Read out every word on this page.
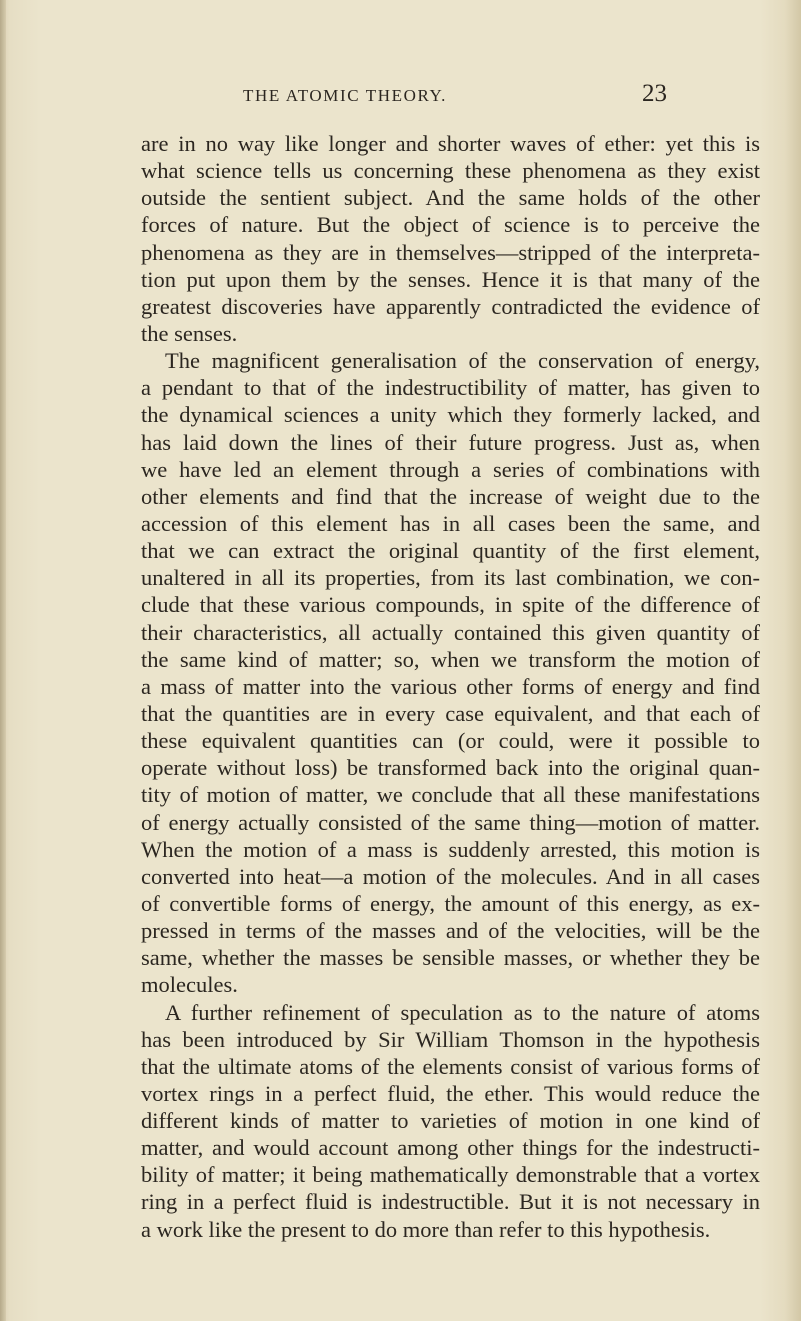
THE ATOMIC THEORY.	23
are in no way like longer and shorter waves of ether: yet this is
what science tells us concerning these phenomena as they exist
outside the sentient subject. And the same holds of the other
forces of nature. But the object of science is to perceive the
phenomena as they are in themselves—stripped of the interpreta-
tion put upon them by the senses. Hence it is that many of the
greatest discoveries have apparently contradicted the evidence of
the senses.
The magnificent generalisation of the conservation of energy,
a pendant to that of the indestructibility of matter, has given to
the dynamical sciences a unity which they formerly lacked, and
has laid down the lines of their future progress. Just as, when
we have led an element through a series of combinations with
other elements and find that the increase of weight due to the
accession of this element has in all cases been the same, and
that we can extract the original quantity of the first element,
unaltered in all its properties, from its last combination, we con-
clude that these various compounds, in spite of the difference of
their characteristics, all actually contained this given quantity of
the same kind of matter; so, when we transform the motion of
a mass of matter into the various other forms of energy and find
that the quantities are in every case equivalent, and that each of
these equivalent quantities can (or could, were it possible to
operate without loss) be transformed back into the original quan-
tity of motion of matter, we conclude that all these manifestations
of energy actually consisted of the same thing—motion of matter.
When the motion of a mass is suddenly arrested, this motion is
converted into heat—a motion of the molecules. And in all cases
of convertible forms of energy, the amount of this energy, as ex-
pressed in terms of the masses and of the velocities, will be the
same, whether the masses be sensible masses, or whether they be
molecules.
A further refinement of speculation as to the nature of atoms
has been introduced by Sir William Thomson in the hypothesis
that the ultimate atoms of the elements consist of various forms of
vortex rings in a perfect fluid, the ether. This would reduce the
different kinds of matter to varieties of motion in one kind of
matter, and would account among other things for the indestructi-
bility of matter; it being mathematically demonstrable that a vortex
ring in a perfect fluid is indestructible. But it is not necessary in
a work like the present to do more than refer to this hypothesis.
